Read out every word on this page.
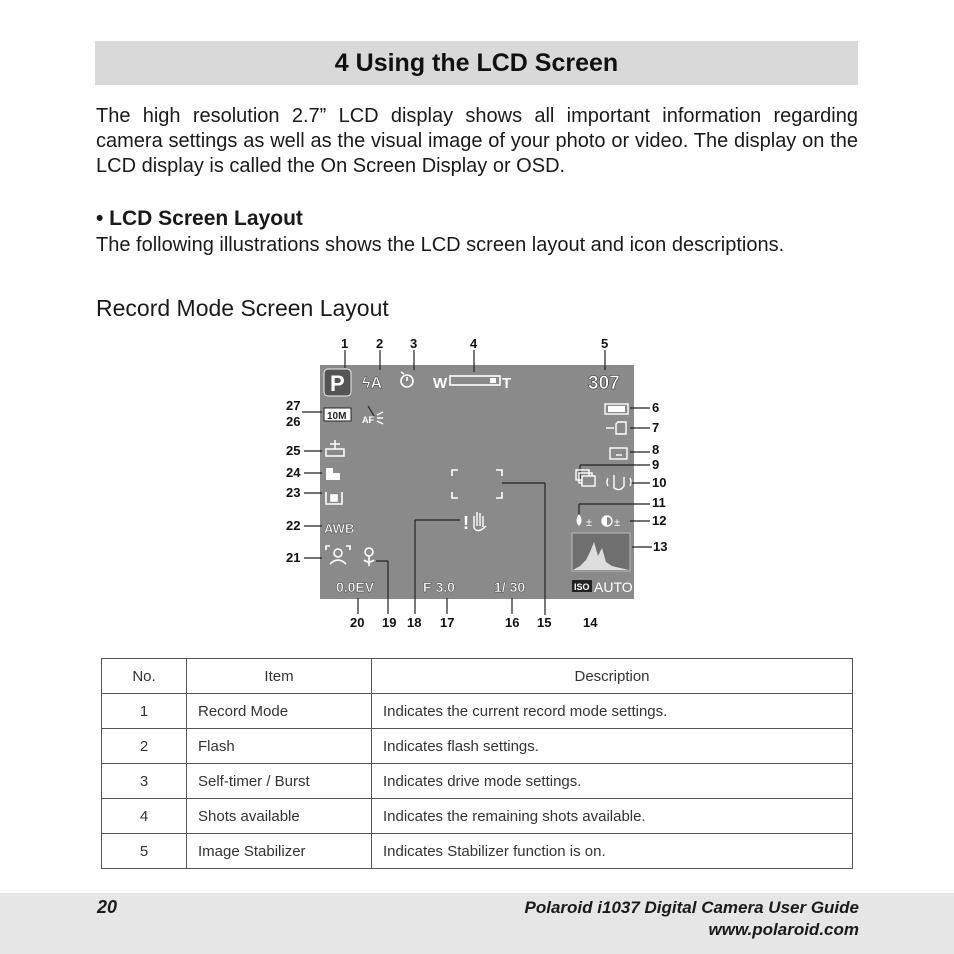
4 Using the LCD Screen

The high resolution 2.7” LCD display shows all important information regarding camera settings as well as the visual image of your photo or video. The display on the LCD display is called the On Screen Display or OSD.

• LCD Screen Layout

The following illustrations shows the LCD screen layout and icon descriptions.

Record Mode Screen Layout

1 2 3	4	5
6
7
8
9
10
11
12
13
14
15
16
17
18
19
20
21
22
23
24
25
26
27
P ϟA	W	T	307
10M AF
AWB	!	± ±
0.0EV	F 3.0	1/ 30	ISO AUTO
No.	Item	Description
1	Record Mode	Indicates the current record mode settings.
2	Flash	Indicates flash settings.
3	Self-timer / Burst	Indicates drive mode settings.
4	Shots available	Indicates the remaining shots available.
5	Image Stabilizer	Indicates Stabilizer function is on.
20	Polaroid i1037 Digital Camera User Guide
www.polaroid.com
